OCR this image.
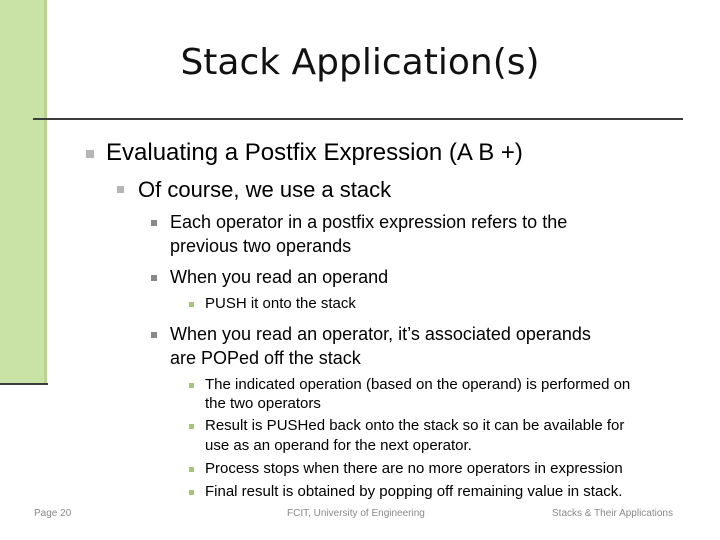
Stack Application(s)
Evaluating a Postfix Expression (A B +)
Of course, we use a stack
Each operator in a postfix expression refers to the
previous two operands
When you read an operand
PUSH it onto the stack
When you read an operator, it’s associated operands
are POPed off the stack
The indicated operation (based on the operand) is performed on
the two operators
Result is PUSHed back onto the stack so it can be available for
use as an operand for the next operator.
Process stops when there are no more operators in expression
Final result is obtained by popping off remaining value in stack.
Page 20	FCIT, University of Engineering	Stacks & Their Applications
